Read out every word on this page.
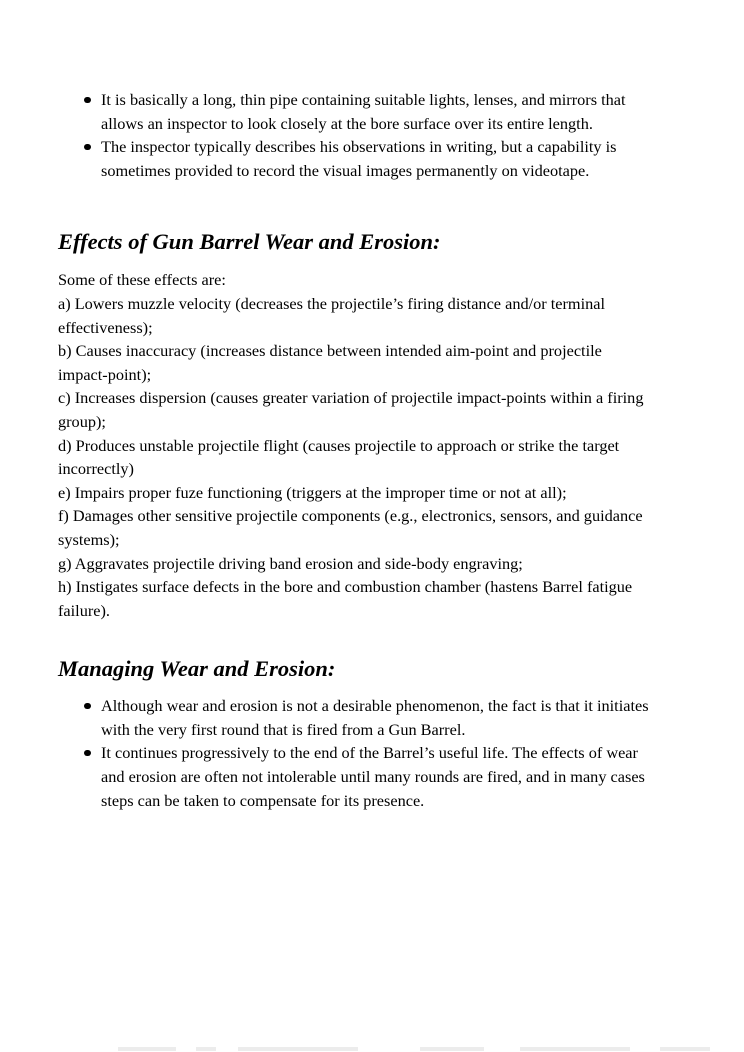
It is basically a long, thin pipe containing suitable lights, lenses, and mirrors that allows an inspector to look closely at the bore surface over its entire length.
The inspector typically describes his observations in writing, but a capability is sometimes provided to record the visual images permanently on videotape.
Effects of Gun Barrel Wear and Erosion:

Some of these effects are:

a) Lowers muzzle velocity (decreases the projectile’s firing distance and/or terminal effectiveness);

b) Causes inaccuracy (increases distance between intended aim-point and projectile impact-point);

c) Increases dispersion (causes greater variation of projectile impact-points within a firing group);

d) Produces unstable projectile flight (causes projectile to approach or strike the target incorrectly)

e) Impairs proper fuze functioning (triggers at the improper time or not at all);

f) Damages other sensitive projectile components (e.g., electronics, sensors, and guidance systems);

g) Aggravates projectile driving band erosion and side-body engraving;

h) Instigates surface defects in the bore and combustion chamber (hastens Barrel fatigue failure).

Managing Wear and Erosion:
Although wear and erosion is not a desirable phenomenon, the fact is that it initiates with the very first round that is fired from a Gun Barrel.
It continues progressively to the end of the Barrel’s useful life. The effects of wear and erosion are often not intolerable until many rounds are fired, and in many cases steps can be taken to compensate for its presence.
